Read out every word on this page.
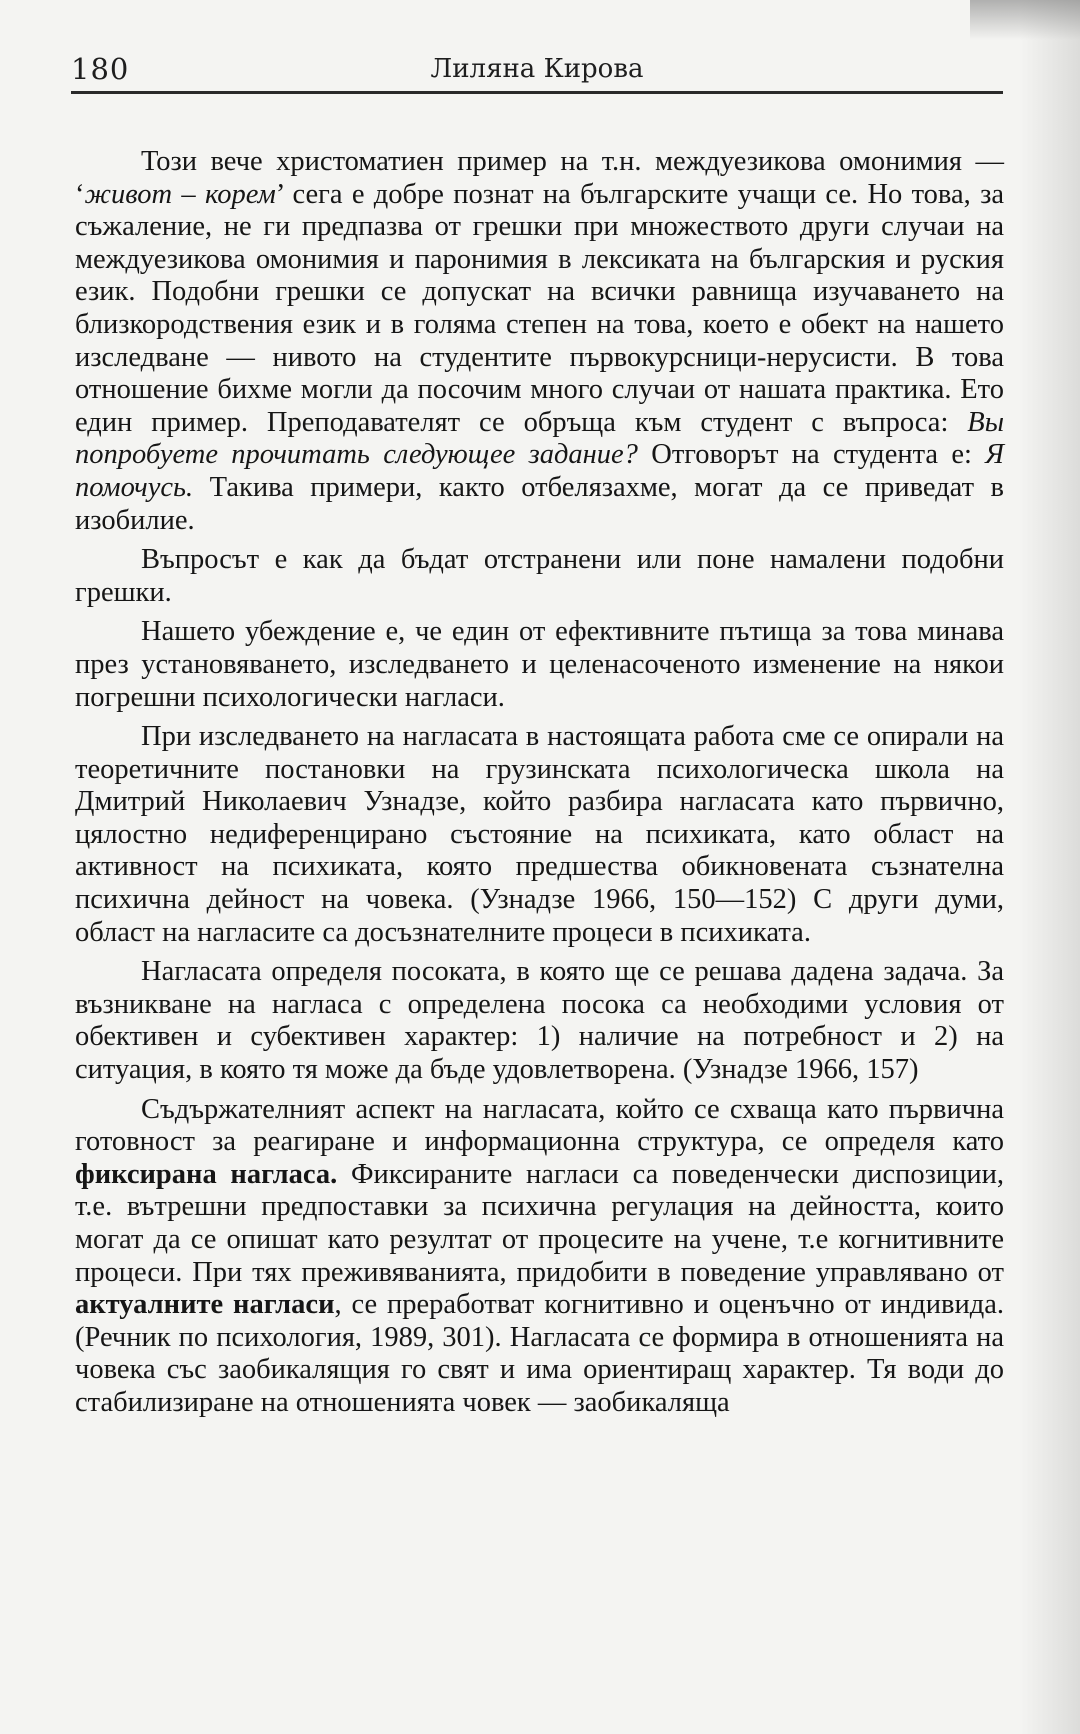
180	Лиляна Кирова

Този вече христоматиен пример на т.н. междуезикова омонимия — ‘живот – корем’ сега е добре познат на българските учащи се. Но това, за съжаление, не ги предпазва от грешки при множеството други случаи на междуезикова омонимия и паронимия в лексиката на българския и руския език. Подобни грешки се допускат на всички равнища изучаването на близкородствения език и в голяма степен на това, което е обект на нашето изследване — нивото на студентите първокурсници-нерусисти. В това отношение бихме могли да посочим много случаи от нашата практика. Ето един пример. Преподавателят се обръща към студент с въпроса: Вы попробуете прочитать следующее задание? Отговорът на студента е: Я помочусь. Такива примери, както отбелязахме, могат да се приведат в изобилие.

Въпросът е как да бъдат отстранени или поне намалени подобни грешки.

Нашето убеждение е, че един от ефективните пътища за това минава през установяването, изследването и целенасоченото изменение на някои погрешни психологически нагласи.

При изследването на нагласата в настоящата работа сме се опирали на теоретичните постановки на грузинската психологическа школа на Дмитрий Николаевич Узнадзе, който разбира нагласата като първично, цялостно недиференцирано състояние на психиката, като област на активност на психиката, която предшества обикновената съзнателна психична дейност на човека. (Узнадзе 1966, 150—152) С други думи, област на нагласите са досъзнателните процеси в психиката.

Нагласата определя посоката, в която ще се решава дадена задача. За възникване на нагласа с определена посока са необходими условия от обективен и субективен характер: 1) наличие на потребност и 2) на ситуация, в която тя може да бъде удовлетворена. (Узнадзе 1966, 157)

Съдържателният аспект на нагласата, който се схваща като първична готовност за реагиране и информационна структура, се определя като фиксирана нагласа. Фиксираните нагласи са поведенчески диспозиции, т.е. вътрешни предпоставки за психична регулация на дейността, които могат да се опишат като резултат от процесите на учене, т.е когнитивните процеси. При тях преживяванията, придобити в поведение управлявано от актуалните нагласи, се преработват когнитивно и оценъчно от индивида. (Речник по психология, 1989, 301). Нагласата се формира в отношенията на човека със заобикалящия го свят и има ориентиращ характер. Тя води до стабилизиране на отношенията човек — заобикаляща
